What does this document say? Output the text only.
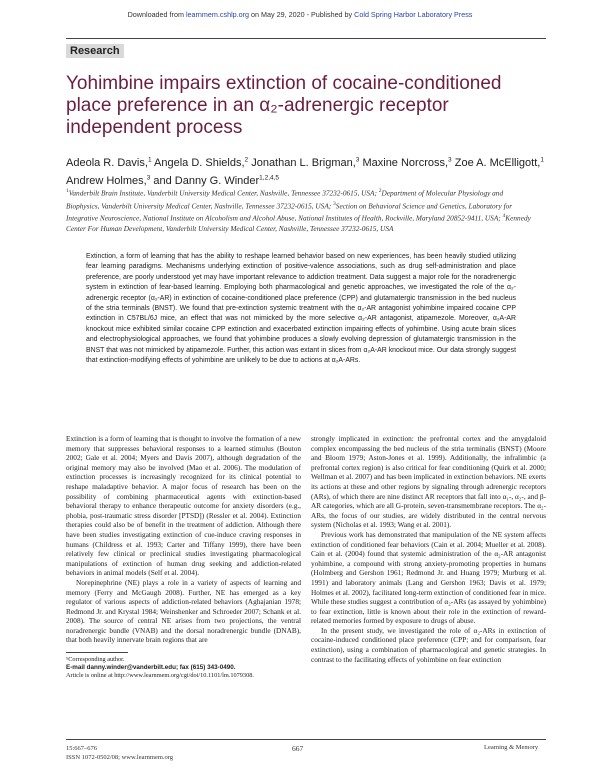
Downloaded from learnmem.cshlp.org on May 29, 2020 - Published by Cold Spring Harbor Laboratory Press
Research
Yohimbine impairs extinction of cocaine-conditioned place preference in an α₂-adrenergic receptor independent process
Adeola R. Davis,$^1$ Angela D. Shields,$^2$ Jonathan L. Brigman,$^3$ Maxine Norcross,$^3$ Zoe A. McElligott,$^1$ Andrew Holmes,$^3$ and Danny G. Winder$^{1,2,4,5}$
$^1$Vanderbilt Brain Institute, Vanderbilt University Medical Center, Nashville, Tennessee 37232-0615, USA; $^2$Department of Molecular Physiology and Biophysics, Vanderbilt University Medical Center, Nashville, Tennessee 37232-0615, USA; $^3$Section on Behavioral Science and Genetics, Laboratory for Integrative Neuroscience, National Institute on Alcoholism and Alcohol Abuse, National Institutes of Health, Rockville, Maryland 20852-9411, USA; $^4$Kennedy Center For Human Development, Vanderbilt University Medical Center, Nashville, Tennessee 37232-0615, USA

Extinction, a form of learning that has the ability to reshape learned behavior based on new experiences, has been heavily studied utilizing fear learning paradigms. Mechanisms underlying extinction of positive-valence associations, such as drug self-administration and place preference, are poorly understood yet may have important relevance to addiction treatment. Data suggest a major role for the noradrenergic system in extinction of fear-based learning. Employing both pharmacological and genetic approaches, we investigated the role of the α₂-adrenergic receptor (α₂-AR) in extinction of cocaine-conditioned place preference (CPP) and glutamatergic transmission in the bed nucleus of the stria terminals (BNST). We found that pre-extinction systemic treatment with the α₂-AR antagonist yohimbine impaired cocaine CPP extinction in C57BL/6J mice, an effect that was not mimicked by the more selective α₂-AR antagonist, atipamezole. Moreover, α₂A-AR knockout mice exhibited similar cocaine CPP extinction and exacerbated extinction impairing effects of yohimbine. Using acute brain slices and electrophysiological approaches, we found that yohimbine produces a slowly evolving depression of glutamatergic transmission in the BNST that was not mimicked by atipamezole. Further, this action was extant in slices from α₂A-AR knockout mice. Our data strongly suggest that extinction-modifying effects of yohimbine are unlikely to be due to actions at α₂A-ARs.

Extinction is a form of learning that is thought to involve the formation of a new memory that suppresses behavioral responses to a learned stimulus (Bouton 2002; Gale et al. 2004; Myers and Davis 2007), although degradation of the original memory may also be involved (Mao et al. 2006). The modulation of extinction processes is increasingly recognized for its clinical potential to reshape maladaptive behavior. A major focus of research has been on the possibility of combining pharmaceutical agents with extinction-based behavioral therapy to enhance therapeutic outcome for anxiety disorders (e.g., phobia, post-traumatic stress disorder [PTSD]) (Ressler et al. 2004). Extinction therapies could also be of benefit in the treatment of addiction. Although there have been studies investigating extinction of cue-induce craving responses in humans (Childress et al. 1993; Carter and Tiffany 1999), there have been relatively few clinical or preclinical studies investigating pharmacological manipulations of extinction of human drug seeking and addiction-related behaviors in animal models (Self et al. 2004).

Norepinephrine (NE) plays a role in a variety of aspects of learning and memory (Ferry and McGaugh 2008). Further, NE has emerged as a key regulator of various aspects of addiction-related behaviors (Aghajanian 1978; Redmond Jr. and Krystal 1984; Weinshenker and Schroeder 2007; Schank et al. 2008). The source of central NE arises from two projections, the ventral noradrenergic bundle (VNAB) and the dorsal noradrenergic bundle (DNAB), that both heavily innervate brain regions that are

strongly implicated in extinction: the prefrontal cortex and the amygdaloid complex encompassing the bed nucleus of the stria terminalis (BNST) (Moore and Bloom 1979; Aston-Jones et al. 1999). Additionally, the infralimbic (a prefrontal cortex region) is also critical for fear conditioning (Quirk et al. 2000; Wellman et al. 2007) and has been implicated in extinction behaviors. NE exerts its actions at these and other regions by signaling through adrenergic receptors (ARs), of which there are nine distinct AR receptors that fall into α₁-, α₂-, and β-AR categories, which are all G-protein, seven-transmembrane receptors. The α₂-ARs, the focus of our studies, are widely distributed in the central nervous system (Nicholas et al. 1993; Wang et al. 2001).

Previous work has demonstrated that manipulation of the NE system affects extinction of conditioned fear behaviors (Cain et al. 2004; Mueller et al. 2008). Cain et al. (2004) found that systemic administration of the α₂-AR antagonist yohimbine, a compound with strong anxiety-promoting properties in humans (Holmberg and Gershon 1961; Redmond Jr. and Huang 1979; Murburg et al. 1991) and laboratory animals (Lang and Gershon 1963; Davis et al. 1979; Holmes et al. 2002), facilitated long-term extinction of conditioned fear in mice. While these studies suggest a contribution of α₂-ARs (as assayed by yohimbine) to fear extinction, little is known about their role in the extinction of reward-related memories formed by exposure to drugs of abuse.

In the present study, we investigated the role of α₂-ARs in extinction of cocaine-induced conditioned place preference (CPP; and for comparison, fear extinction), using a combination of pharmacological and genetic strategies. In contrast to the facilitating effects of yohimbine on fear extinction

⁵Corresponding author.
E-mail danny.winder@vanderbilt.edu; fax (615) 343-0490.
Article is online at http://www.learnmem.org/cgi/doi/10.1101/lm.1079308.
15:667–676
ISSN 1072-0502/08; www.learnmem.org
667	Learning & Memory
